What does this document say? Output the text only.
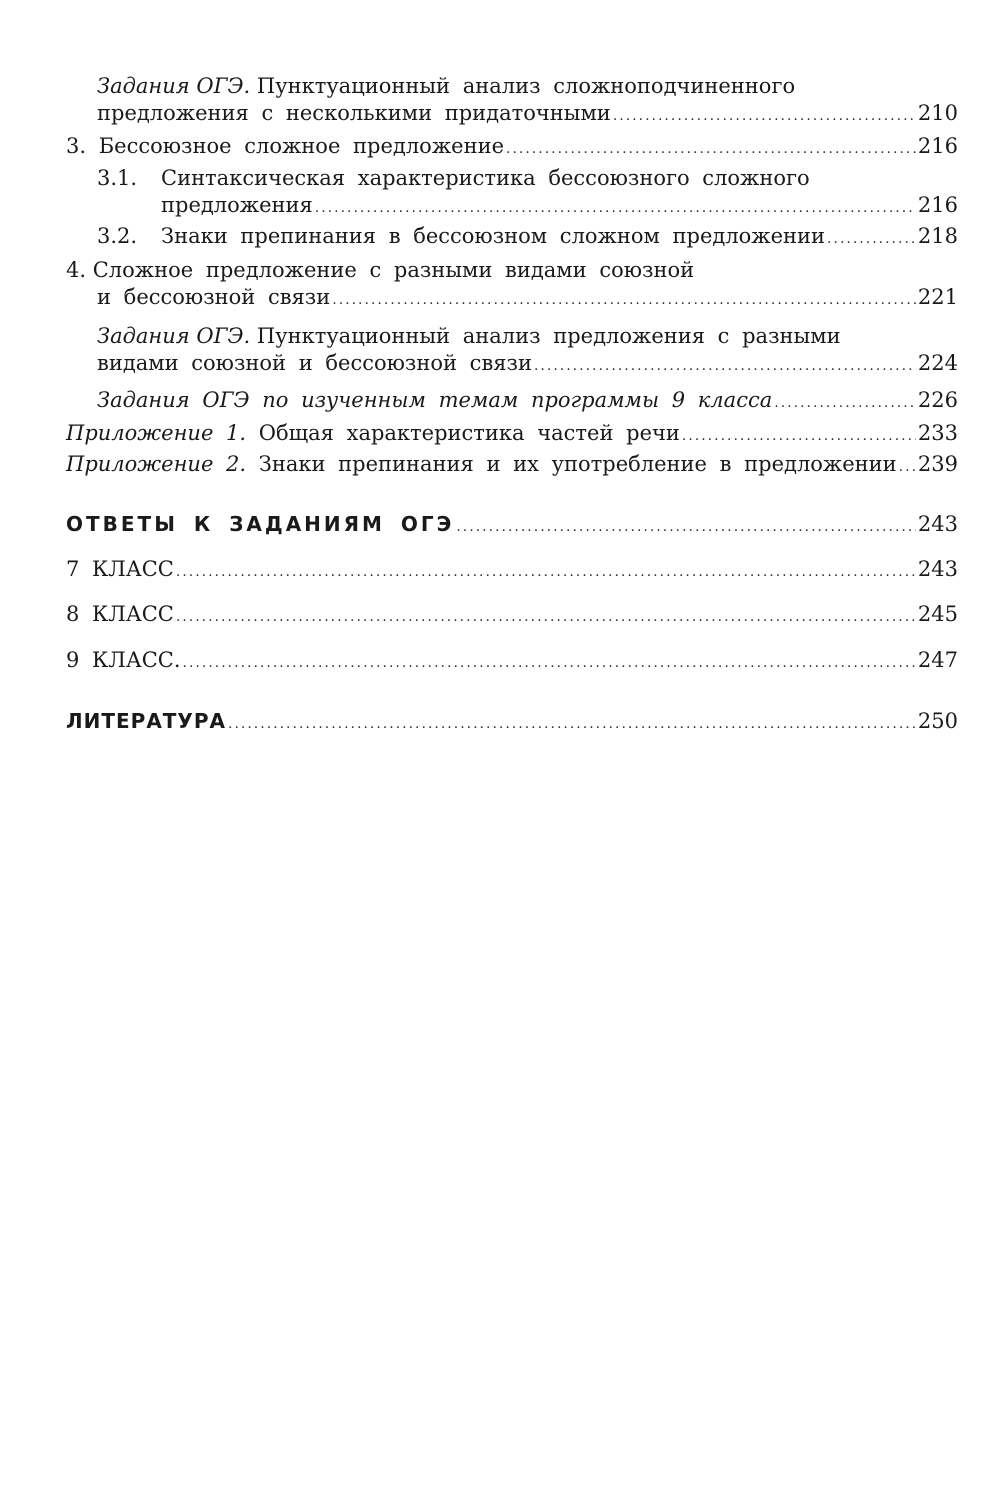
Задания ОГЭ. Пунктуационный анализ сложноподчиненного
предложения с несколькими придаточными .....	210
3. Бессоюзное сложное предложение .....	216
3.1. Синтаксическая характеристика бессоюзного сложного
предложения .....	216
3.2. Знаки препинания в бессоюзном сложном предложении .....	218
4. Сложное предложение с разными видами союзной
и бессоюзной связи .....	221
Задания ОГЭ. Пунктуационный анализ предложения с разными
видами союзной и бессоюзной связи .....	224
Задания ОГЭ по изученным темам программы 9 класса .....	226
Приложение 1. Общая характеристика частей речи .....	233
Приложение 2. Знаки препинания и их употребление в предложении ..... 239
ОТВЕТЫ К ЗАДАНИЯМ ОГЭ .....	243
7 КЛАСС .....	243
8 КЛАСС .....	245
9 КЛАСС. .....	247
ЛИТЕРАТУРА .....	250
